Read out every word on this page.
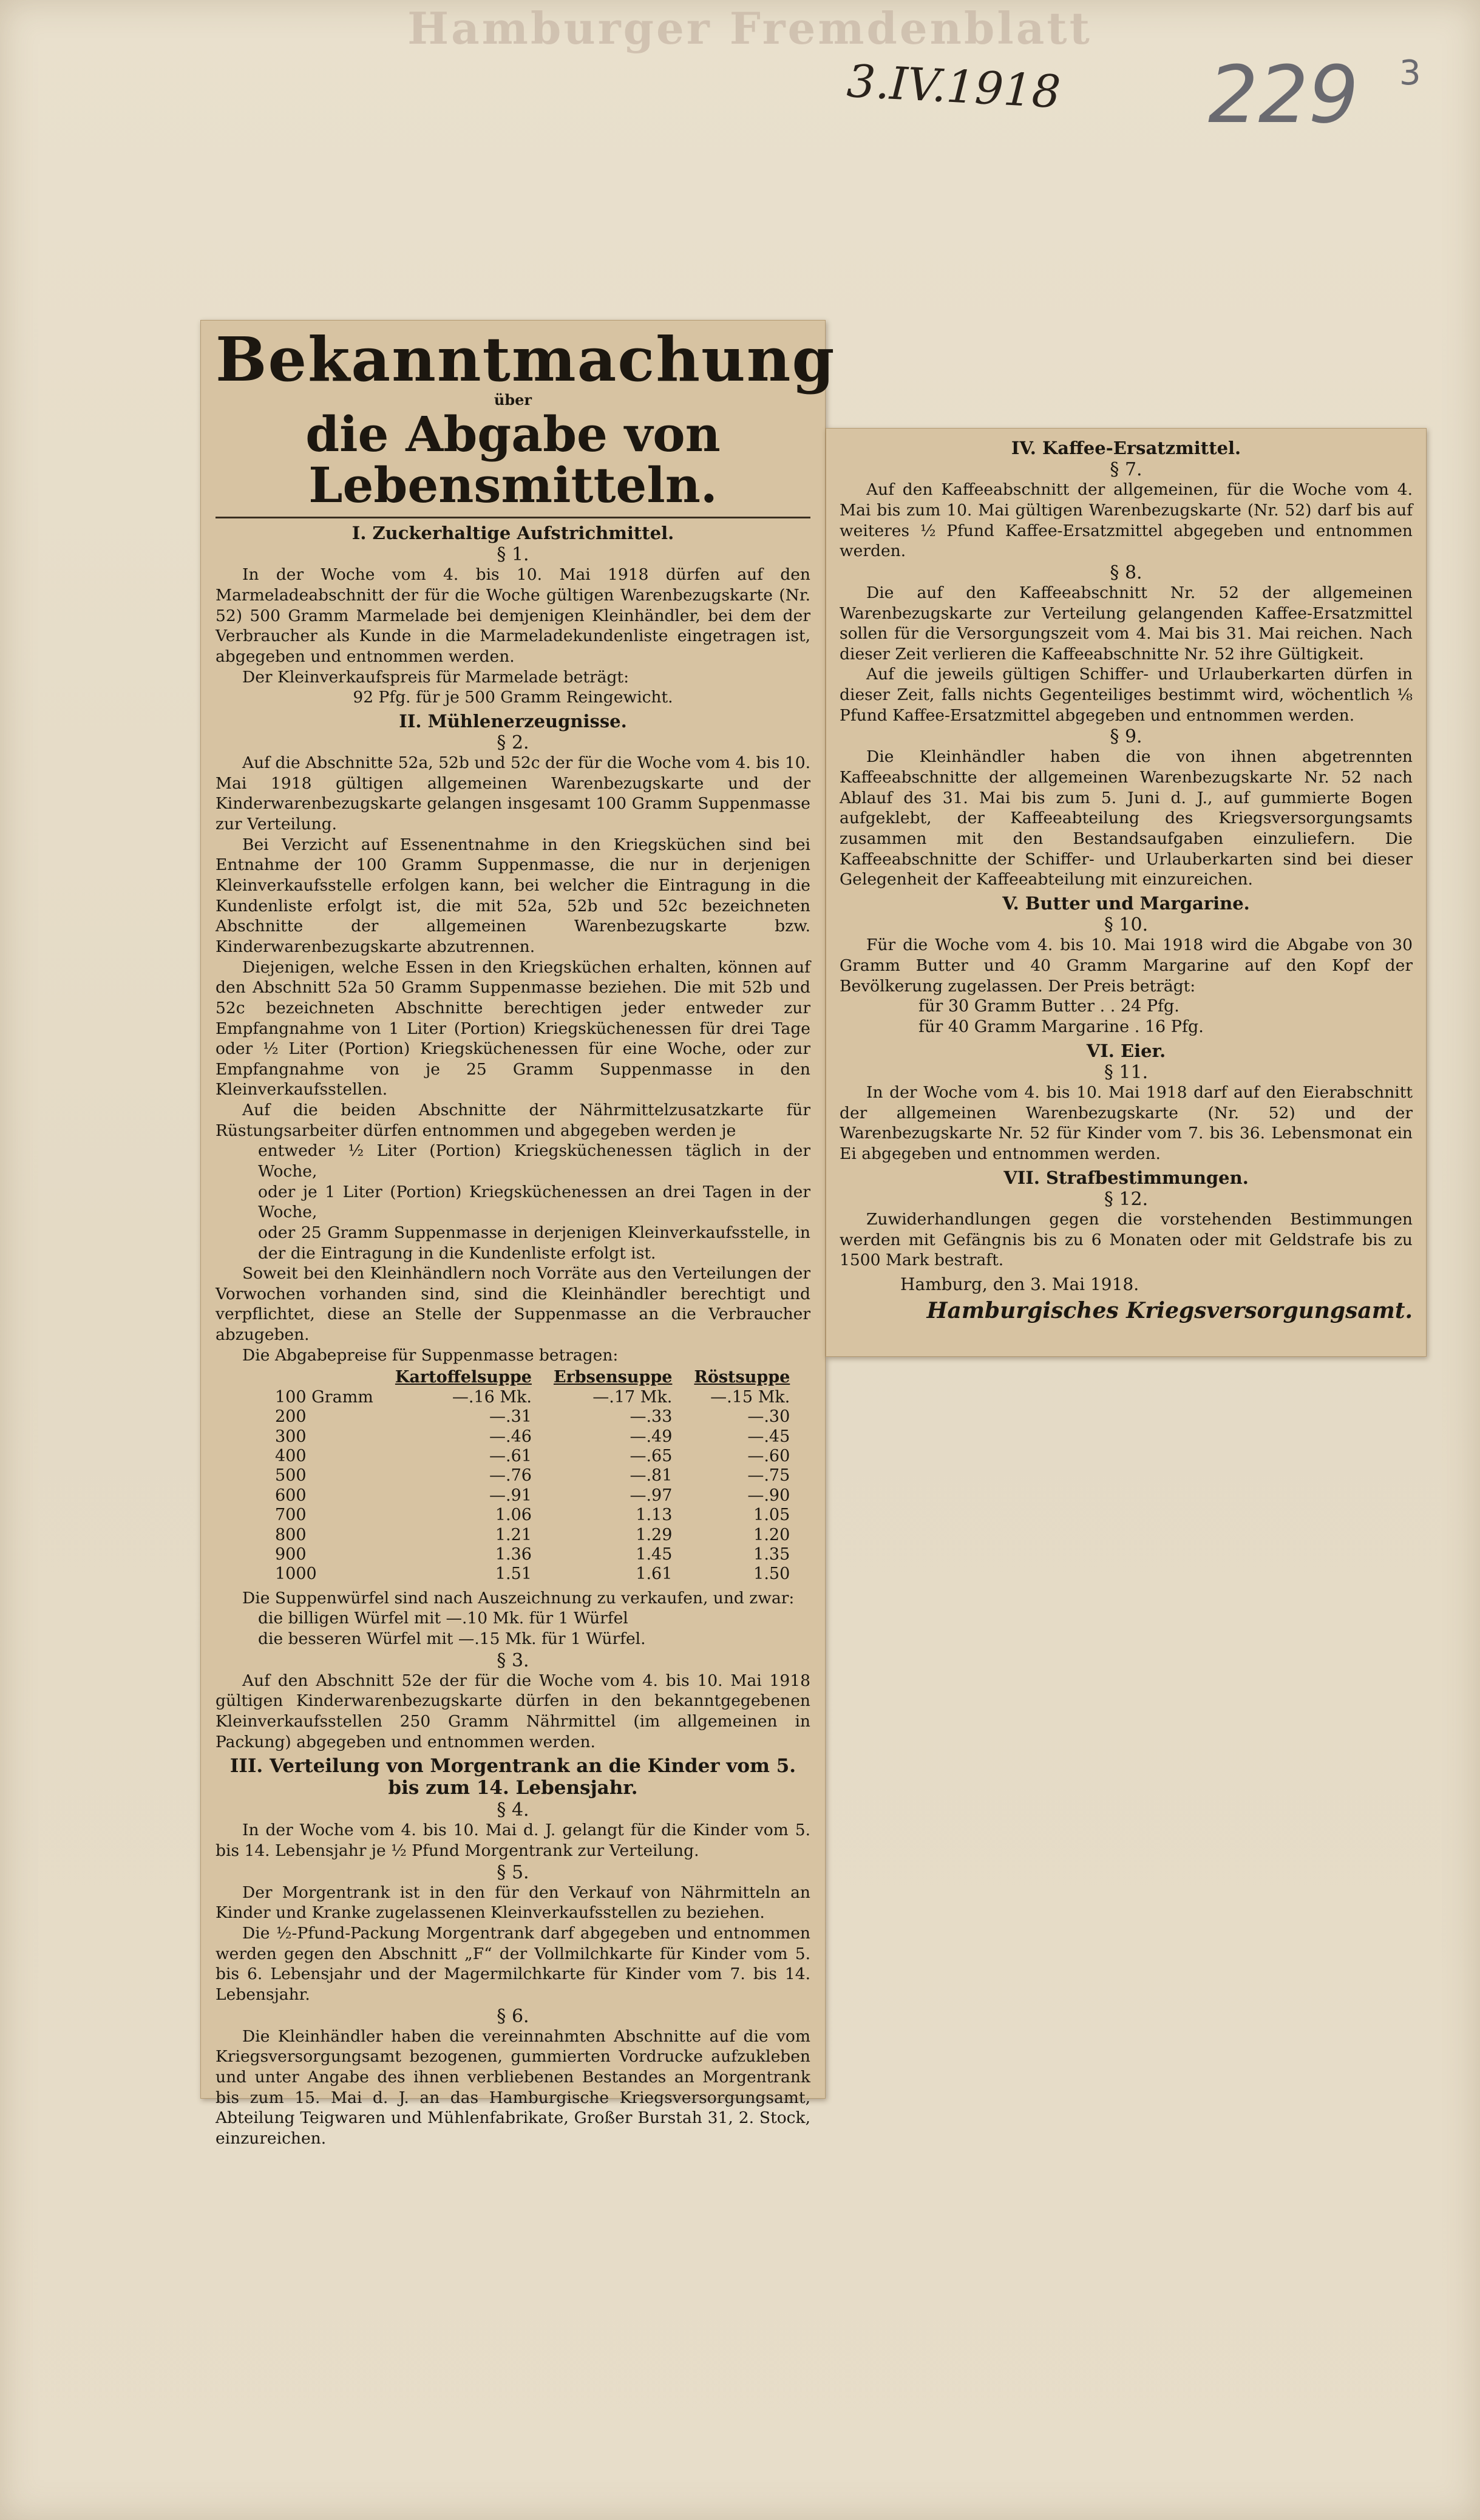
Hamburger Fremdenblatt
3.IV.1918 229 3
Bekanntmachung
über
die Abgabe von Lebensmitteln.
I. Zuckerhaltige Aufstrichmittel.
§ 1.

In der Woche vom 4. bis 10. Mai 1918 dürfen auf den Marmeladeabschnitt der für die Woche gültigen Warenbezugskarte (Nr. 52) 500 Gramm Marmelade bei demjenigen Kleinhändler, bei dem der Verbraucher als Kunde in die Marmeladekundenliste eingetragen ist, abgegeben und entnommen werden.

Der Kleinverkaufspreis für Marmelade beträgt:

92 Pfg. für je 500 Gramm Reingewicht.

II. Mühlenerzeugnisse.
§ 2.

Auf die Abschnitte 52a, 52b und 52c der für die Woche vom 4. bis 10. Mai 1918 gültigen allgemeinen Warenbezugskarte und der Kinderwarenbezugskarte gelangen insgesamt 100 Gramm Suppenmasse zur Verteilung.

Bei Verzicht auf Essenentnahme in den Kriegsküchen sind bei Entnahme der 100 Gramm Suppenmasse, die nur in derjenigen Kleinverkaufsstelle erfolgen kann, bei welcher die Eintragung in die Kundenliste erfolgt ist, die mit 52a, 52b und 52c bezeichneten Abschnitte der allgemeinen Warenbezugskarte bzw. Kinderwarenbezugskarte abzutrennen.

Diejenigen, welche Essen in den Kriegsküchen erhalten, können auf den Abschnitt 52a 50 Gramm Suppenmasse beziehen. Die mit 52b und 52c bezeichneten Abschnitte berechtigen jeder entweder zur Empfangnahme von 1 Liter (Portion) Kriegsküchenessen für drei Tage oder ½ Liter (Portion) Kriegsküchenessen für eine Woche, oder zur Empfangnahme von je 25 Gramm Suppenmasse in den Kleinverkaufsstellen.

Auf die beiden Abschnitte der Nährmittelzusatzkarte für Rüstungsarbeiter dürfen entnommen und abgegeben werden je

entweder ½ Liter (Portion) Kriegsküchenessen täglich in der Woche,

oder je 1 Liter (Portion) Kriegsküchenessen an drei Tagen in der Woche,

oder 25 Gramm Suppenmasse in derjenigen Kleinverkaufsstelle, in der die Eintragung in die Kundenliste erfolgt ist.

Soweit bei den Kleinhändlern noch Vorräte aus den Verteilungen der Vorwochen vorhanden sind, sind die Kleinhändler berechtigt und verpflichtet, diese an Stelle der Suppenmasse an die Verbraucher abzugeben.

Die Abgabepreise für Suppenmasse betragen:

	Kartoffelsuppe	Erbsensuppe	Röstsuppe
100 Gramm	—.16 Mk.	—.17 Mk.	—.15 Mk.
200	—.31	—.33	—.30
300	—.46	—.49	—.45
400	—.61	—.65	—.60
500	—.76	—.81	—.75
600	—.91	—.97	—.90
700	1.06	1.13	1.05
800	1.21	1.29	1.20
900	1.36	1.45	1.35
1000	1.51	1.61	1.50

Die Suppenwürfel sind nach Auszeichnung zu verkaufen, und zwar:

die billigen Würfel mit —.10 Mk. für 1 Würfel

die besseren Würfel mit —.15 Mk. für 1 Würfel.

§ 3.

Auf den Abschnitt 52e der für die Woche vom 4. bis 10. Mai 1918 gültigen Kinderwarenbezugskarte dürfen in den bekanntgegebenen Kleinverkaufsstellen 250 Gramm Nährmittel (im allgemeinen in Packung) abgegeben und entnommen werden.

III. Verteilung von Morgentrank an die Kinder vom 5. bis zum 14. Lebensjahr.
§ 4.

In der Woche vom 4. bis 10. Mai d. J. gelangt für die Kinder vom 5. bis 14. Lebensjahr je ½ Pfund Morgentrank zur Verteilung.

§ 5.

Der Morgentrank ist in den für den Verkauf von Nährmitteln an Kinder und Kranke zugelassenen Kleinverkaufsstellen zu beziehen.

Die ½-Pfund-Packung Morgentrank darf abgegeben und entnommen werden gegen den Abschnitt „F“ der Vollmilchkarte für Kinder vom 5. bis 6. Lebensjahr und der Magermilchkarte für Kinder vom 7. bis 14. Lebensjahr.

§ 6.

Die Kleinhändler haben die vereinnahmten Abschnitte auf die vom Kriegsversorgungsamt bezogenen, gummierten Vordrucke aufzukleben und unter Angabe des ihnen verbliebenen Bestandes an Morgentrank bis zum 15. Mai d. J. an das Hamburgische Kriegsversorgungsamt, Abteilung Teigwaren und Mühlenfabrikate, Großer Burstah 31, 2. Stock, einzureichen.

IV. Kaffee-Ersatzmittel.
§ 7.

Auf den Kaffeeabschnitt der allgemeinen, für die Woche vom 4. Mai bis zum 10. Mai gültigen Warenbezugskarte (Nr. 52) darf bis auf weiteres ½ Pfund Kaffee-Ersatzmittel abgegeben und entnommen werden.

§ 8.

Die auf den Kaffeeabschnitt Nr. 52 der allgemeinen Warenbezugskarte zur Verteilung gelangenden Kaffee-Ersatzmittel sollen für die Versorgungszeit vom 4. Mai bis 31. Mai reichen. Nach dieser Zeit verlieren die Kaffeeabschnitte Nr. 52 ihre Gültigkeit.

Auf die jeweils gültigen Schiffer- und Urlauberkarten dürfen in dieser Zeit, falls nichts Gegenteiliges bestimmt wird, wöchentlich ⅛ Pfund Kaffee-Ersatzmittel abgegeben und entnommen werden.

§ 9.

Die Kleinhändler haben die von ihnen abgetrennten Kaffeeabschnitte der allgemeinen Warenbezugskarte Nr. 52 nach Ablauf des 31. Mai bis zum 5. Juni d. J., auf gummierte Bogen aufgeklebt, der Kaffeeabteilung des Kriegsversorgungsamts zusammen mit den Bestandsaufgaben einzuliefern. Die Kaffeeabschnitte der Schiffer- und Urlauberkarten sind bei dieser Gelegenheit der Kaffeeabteilung mit einzureichen.

V. Butter und Margarine.
§ 10.

Für die Woche vom 4. bis 10. Mai 1918 wird die Abgabe von 30 Gramm Butter und 40 Gramm Margarine auf den Kopf der Bevölkerung zugelassen. Der Preis beträgt:

für 30 Gramm Butter . . 24 Pfg.
für 40 Gramm Margarine . 16 Pfg.
VI. Eier.
§ 11.

In der Woche vom 4. bis 10. Mai 1918 darf auf den Eierabschnitt der allgemeinen Warenbezugskarte (Nr. 52) und der Warenbezugskarte Nr. 52 für Kinder vom 7. bis 36. Lebensmonat ein Ei abgegeben und entnommen werden.

VII. Strafbestimmungen.
§ 12.

Zuwiderhandlungen gegen die vorstehenden Bestimmungen werden mit Gefängnis bis zu 6 Monaten oder mit Geldstrafe bis zu 1500 Mark bestraft.

Hamburg, den 3. Mai 1918.
Hamburgisches Kriegsversorgungsamt.
